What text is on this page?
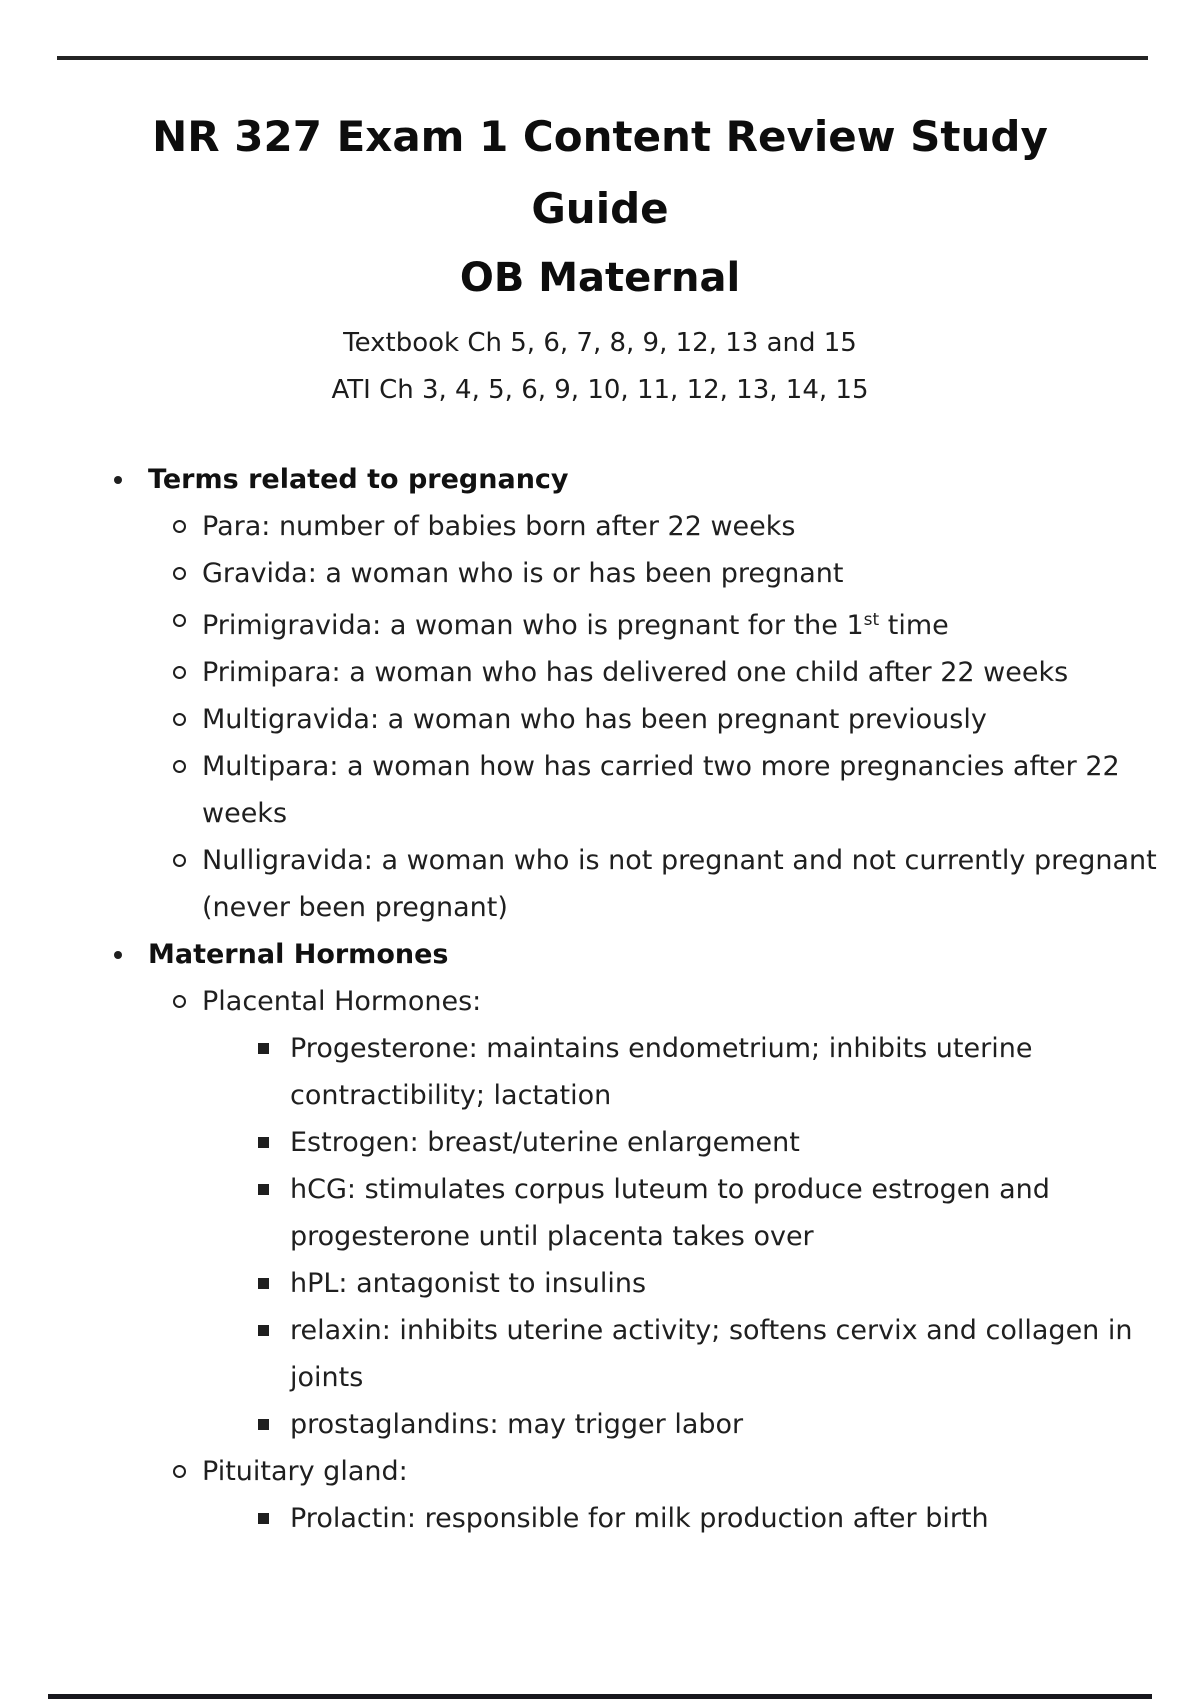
NR 327 Exam 1 Content Review Study
Guide
OB Maternal
Textbook Ch 5, 6, 7, 8, 9, 12, 13 and 15
ATI Ch 3, 4, 5, 6, 9, 10, 11, 12, 13, 14, 15
Terms related to pregnancy
Para: number of babies born after 22 weeks
Gravida: a woman who is or has been pregnant
Primigravida: a woman who is pregnant for the 1st time
Primipara: a woman who has delivered one child after 22 weeks
Multigravida: a woman who has been pregnant previously
Multipara: a woman how has carried two more pregnancies after 22
weeks
Nulligravida: a woman who is not pregnant and not currently pregnant
(never been pregnant)
Maternal Hormones
Placental Hormones:
Progesterone: maintains endometrium; inhibits uterine
contractibility; lactation
Estrogen: breast/uterine enlargement
hCG: stimulates corpus luteum to produce estrogen and
progesterone until placenta takes over
hPL: antagonist to insulins
relaxin: inhibits uterine activity; softens cervix and collagen in
joints
prostaglandins: may trigger labor
Pituitary gland:
Prolactin: responsible for milk production after birth
